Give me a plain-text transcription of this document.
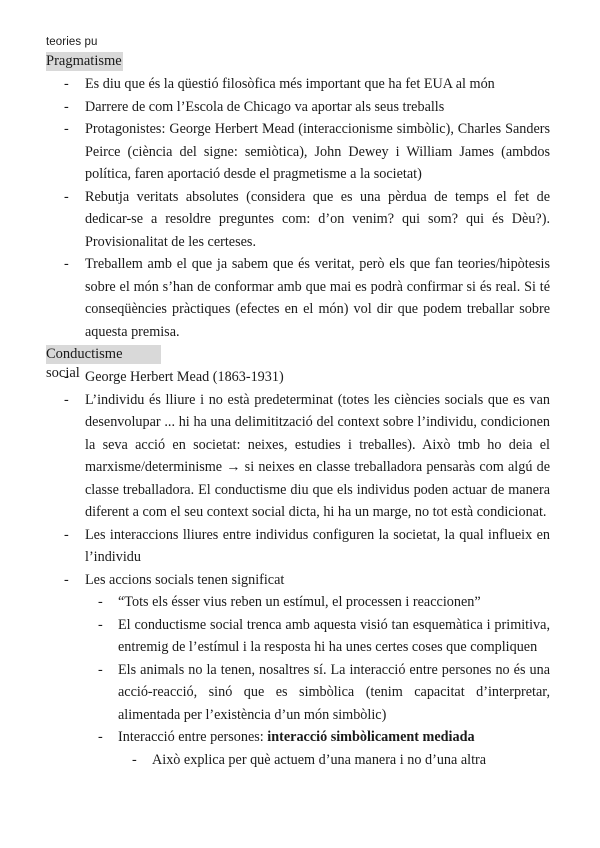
teories pu
Pragmatisme
- Es diu que és la qüestió filosòfica més important que ha fet EUA al món
- Darrere de com l’Escola de Chicago va aportar als seus treballs
- Protagonistes: George Herbert Mead (interaccionisme simbòlic), Charles Sanders Peirce (ciència del signe: semiòtica), John Dewey i William James (ambdos política, faren aportació desde el pragmetisme a la societat)
- Rebutja veritats absolutes (considera que es una pèrdua de temps el fet de dedicar-se a resoldre preguntes com: d’on venim? qui som? qui és Dèu?). Provisionalitat de les certeses.
- Treballem amb el que ja sabem que és veritat, però els que fan teories/hipòtesis sobre el món s’han de conformar amb que mai es podrà confirmar si és real. Si té conseqüències pràctiques (efectes en el món) vol dir que podem treballar sobre aquesta premisa.
Conductisme social - George Herbert Mead (1863-1931)
- L’individu és lliure i no està predeterminat (totes les ciències socials que es van desenvolupar ... hi ha una delimitització del context sobre l’individu, condicionen la seva acció en societat: neixes, estudies i treballes). Això tmb ho deia el marxisme/determinisme → si neixes en classe treballadora pensaràs com algú de classe treballadora. El conductisme diu que els individus poden actuar de manera diferent a com el seu context social dicta, hi ha un marge, no tot està condicionat.
- Les interaccions lliures entre individus configuren la societat, la qual influeix en l’individu
- Les accions socials tenen significat
- “Tots els ésser vius reben un estímul, el processen i reaccionen”
- El conductisme social trenca amb aquesta visió tan esquemàtica i primitiva, entremig de l’estímul i la resposta hi ha unes certes coses que compliquen
- Els animals no la tenen, nosaltres sí. La interacció entre persones no és una acció-reacció, sinó que es simbòlica (tenim capacitat d’interpretar, alimentada per l’existència d’un món simbòlic)
- Interacció entre persones: interacció simbòlicament mediada
- Això explica per què actuem d’una manera i no d’una altra
